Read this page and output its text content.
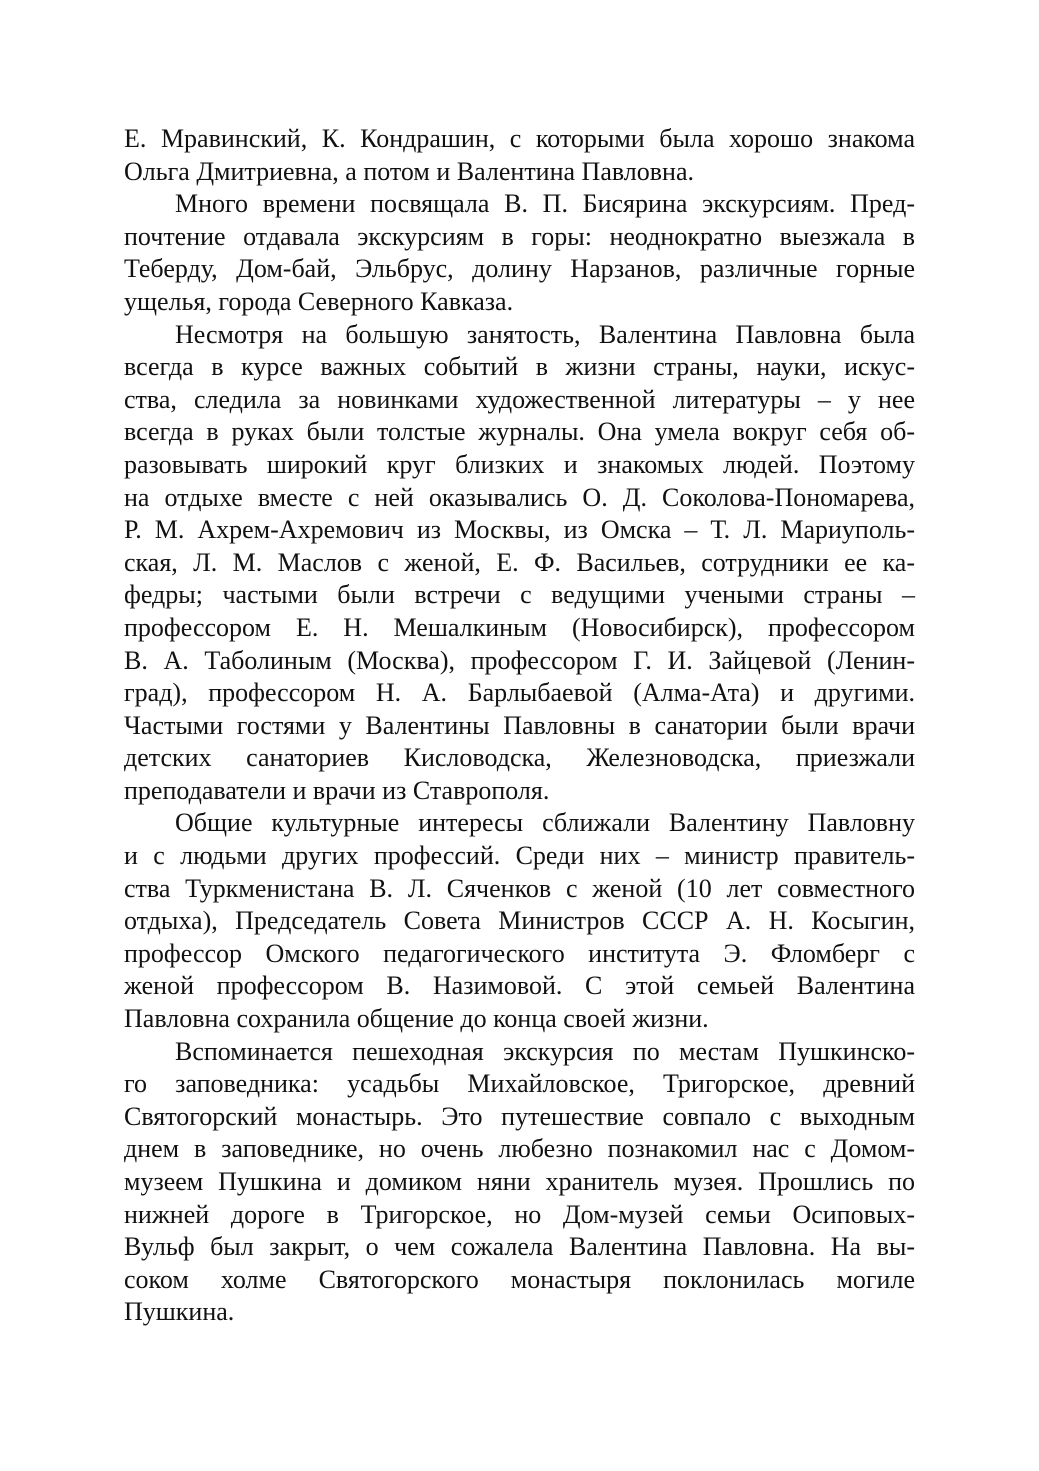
Е. Мравинский, К. Кондрашин, с которыми была хорошо знакома
Ольга Дмитриевна, а потом и Валентина Павловна.
Много времени посвящала В. П. Бисярина экскурсиям. Пред-
почтение отдавала экскурсиям в горы: неоднократно выезжала в
Теберду, Дом-бай, Эльбрус, долину Нарзанов, различные горные
ущелья, города Северного Кавказа.
Несмотря на большую занятость, Валентина Павловна была
всегда в курсе важных событий в жизни страны, науки, искус-
ства, следила за новинками художественной литературы – у нее
всегда в руках были толстые журналы. Она умела вокруг себя об-
разовывать широкий круг близких и знакомых людей. Поэтому
на отдыхе вместе с ней оказывались О. Д. Соколова-Пономарева,
Р. М. Ахрем-Ахремович из Москвы, из Омска – Т. Л. Мариуполь-
ская, Л. М. Маслов с женой, Е. Ф. Васильев, сотрудники ее ка-
федры; частыми были встречи с ведущими учеными страны –
профессором Е. Н. Мешалкиным (Новосибирск), профессором
В. А. Таболиным (Москва), профессором Г. И. Зайцевой (Ленин-
град), профессором Н. А. Барлыбаевой (Алма-Ата) и другими.
Частыми гостями у Валентины Павловны в санатории были врачи
детских санаториев Кисловодска, Железноводска, приезжали
преподаватели и врачи из Ставрополя.
Общие культурные интересы сближали Валентину Павловну
и с людьми других профессий. Среди них – министр правитель-
ства Туркменистана В. Л. Сяченков с женой (10 лет совместного
отдыха), Председатель Совета Министров СССР А. Н. Косыгин,
профессор Омского педагогического института Э. Фломберг с
женой профессором В. Назимовой. С этой семьей Валентина
Павловна сохранила общение до конца своей жизни.
Вспоминается пешеходная экскурсия по местам Пушкинско-
го заповедника: усадьбы Михайловское, Тригорское, древний
Святогорский монастырь. Это путешествие совпало с выходным
днем в заповеднике, но очень любезно познакомил нас с Домом-
музеем Пушкина и домиком няни хранитель музея. Прошлись по
нижней дороге в Тригорское, но Дом-музей семьи Осиповых-
Вульф был закрыт, о чем сожалела Валентина Павловна. На вы-
соком холме Святогорского монастыря поклонилась могиле
Пушкина.
